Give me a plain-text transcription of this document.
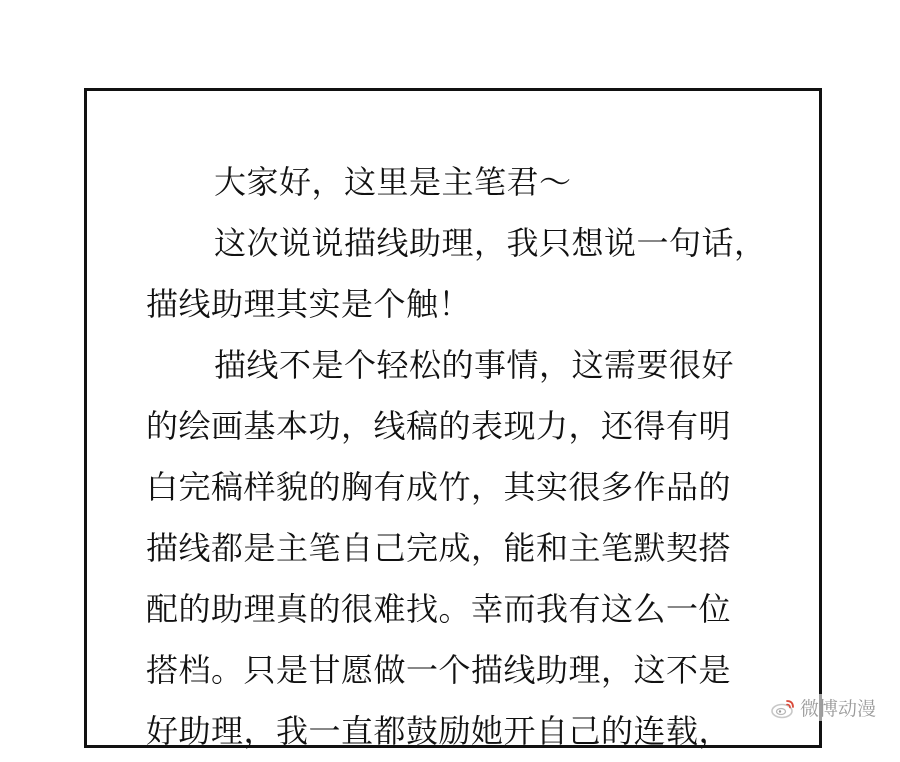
大家好，这里是主笔君～
这次说说描线助理，我只想说一句话，
描线助理其实是个触！
描线不是个轻松的事情，这需要很好
的绘画基本功，线稿的表现力，还得有明
白完稿样貌的胸有成竹，其实很多作品的
描线都是主笔自己完成，能和主笔默契搭
配的助理真的很难找。幸而我有这么一位
搭档。只是甘愿做一个描线助理，这不是
好助理，我一直都鼓励她开自己的连载，
微博动漫
